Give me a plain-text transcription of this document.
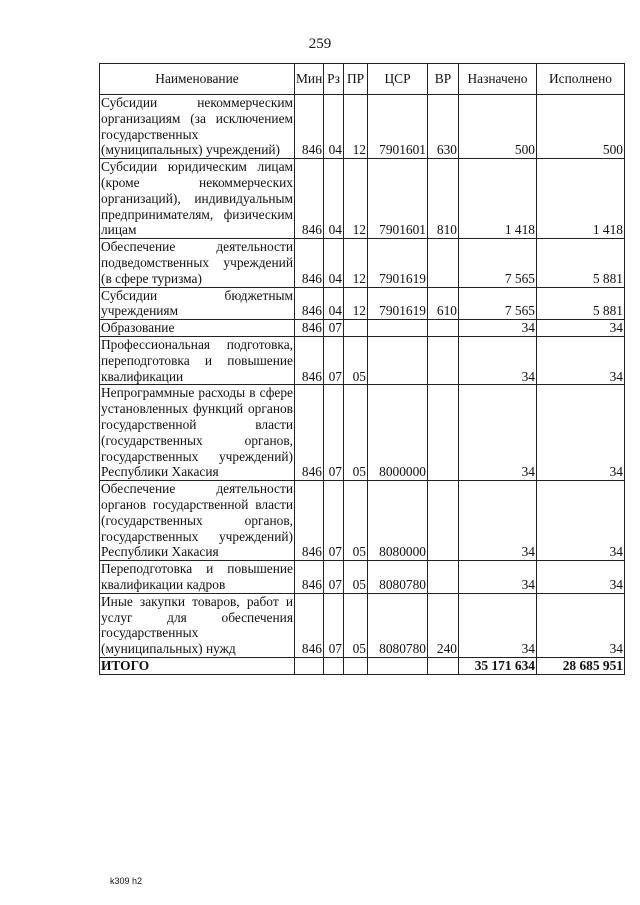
259
Наименование	Мин	Рз	ПР	ЦСР	ВР	Назначено	Исполнено
Субсидии некоммерческим организациям (за исключением государственных (муниципальных) учреждений)	846	04	12	7901601	630	500	500
Субсидии юридическим лицам (кроме некоммерческих организаций), индивидуальным предпринимателям, физическим лицам	846	04	12	7901601	810	1 418	1 418
Обеспечение деятельности подведомственных учреждений (в сфере туризма)	846	04	12	7901619		7 565	5 881
Субсидии бюджетным учреждениям	846	04	12	7901619	610	7 565	5 881
Образование	846	07				34	34
Профессиональная подготовка, переподготовка и повышение квалификации	846	07	05			34	34
Непрограммные расходы в сфере установленных функций органов государственной власти (государственных органов, государственных учреждений) Республики Хакасия	846	07	05	8000000		34	34
Обеспечение деятельности органов государственной власти (государственных органов, государственных учреждений) Республики Хакасия	846	07	05	8080000		34	34
Переподготовка и повышение квалификации кадров	846	07	05	8080780		34	34
Иные закупки товаров, работ и услуг для обеспечения государственных (муниципальных) нужд	846	07	05	8080780	240	34	34
ИТОГО						35 171 634	28 685 951
k309 h2
